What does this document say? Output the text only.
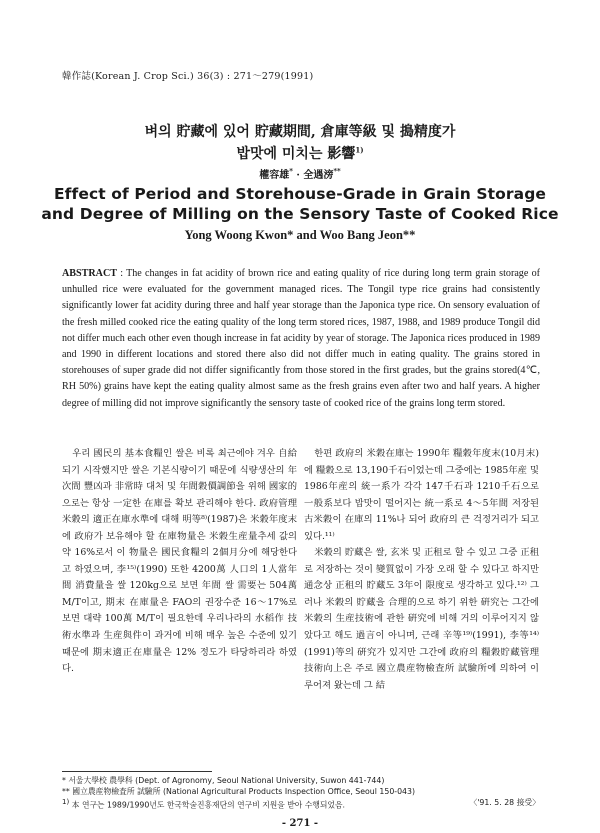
韓作誌(Korean J. Crop Sci.) 36(3) : 271～279(1991)
벼의 貯藏에 있어 貯藏期間, 倉庫等級 및 搗精度가
밥맛에 미치는 影響$^{1)}$
權容雄* · 全遇滂**
Effect of Period and Storehouse-Grade in Grain Storage
and Degree of Milling on the Sensory Taste of Cooked Rice
Yong Woong Kwon* and Woo Bang Jeon**
ABSTRACT : The changes in fat acidity of brown rice and eating quality of rice during long term grain storage of unhulled rice were evaluated for the government managed rices. The Tongil type rice grains had consistently significantly lower fat acidity during three and half year storage than the Japonica type rice. On sensory evaluation of the fresh milled cooked rice the eating quality of the long term stored rices, 1987, 1988, and 1989 produce Tongil did not differ much each other even though increase in fat acidity by year of storage. The Japonica rices produced in 1989 and 1990 in different locations and stored there also did not differ much in eating quality. The grains stored in storehouses of super grade did not differ significantly from those stored in the first grades, but the grains stored(4℃, RH 50%) grains have kept the eating quality almost same as the fresh grains even after two and half years. A higher degree of milling did not improve significantly the sensory taste of cooked rice of the grains long term stored.

우리 國民의 基本食糧인 쌀은 비록 최근에야 겨우 自給되기 시작했지만 쌀은 기본식량이기 때문에 식량생산의 年次間 豐凶과 非常時 대처 및 年間穀價調節을 위해 國家的으로는 항상 一定한 在庫를 확보 관리해야 한다. 政府管理米穀의 適正在庫水準에 대해 明等⁸⁾(1987)은 米穀年度末에 政府가 보유해야 할 在庫物量은 米穀生産量추세 값의 약 16%로서 이 物量은 國民食糧의 2個月分에 해당한다고 하였으며, 李¹⁵⁾(1990) 또한 4200萬 人口의 1人當年間 消費量을 쌀 120kg으로 보면 年間 쌀 需要는 504萬 M/T이고, 期末 在庫量은 FAO의 권장수준 16～17%로 보면 대략 100萬 M/T이 필요한데 우리나라의 水稻作 技術水準과 生産與件이 과거에 비해 매우 높은 수준에 있기 때문에 期末適正在庫量은 12% 정도가 타당하리라 하였다.

한편 政府의 米穀在庫는 1990年 糧穀年度末(10月末)에 糧穀으로 13,190千石이었는데 그중에는 1985年産 및 1986年産의 統一系가 각각 147千石과 1210千石으로 一般系보다 밥맛이 떨어지는 統一系로 4～5年間 저장된 古米穀이 在庫의 11%나 되어 政府의 큰 걱정거리가 되고 있다.¹¹⁾

米穀의 貯藏은 쌀, 玄米 및 正租로 할 수 있고 그중 正租로 저장하는 것이 變質없이 가장 오래 할 수 있다고 하지만 通念상 正租의 貯藏도 3年이 限度로 생각하고 있다.¹²⁾ 그러나 米穀의 貯藏을 合理的으로 하기 위한 硏究는 그간에 米穀의 生産技術에 관한 硏究에 비해 거의 이루어지지 않았다고 해도 過言이 아니며, 근래 辛等¹⁹⁾(1991), 李等¹⁴⁾(1991)等의 硏究가 있지만 그간에 政府의 糧穀貯藏管理技術向上은 주로 國立農産物檢査所 試驗所에 의하여 이루어져 왔는데 그 結

* 서울大學校 農學科 (Dept. of Agronomy, Seoul National University, Suwon 441-744)
** 國立農産物檢査所 試驗所 (National Agricultural Products Inspection Office, Seoul 150-043)
$^{1)}$ 本 연구는 1989/1990년도 한국학술진흥재단의 연구비 지원을 받아 수행되었음.	〈'91. 5. 28 接受〉
- 271 -
